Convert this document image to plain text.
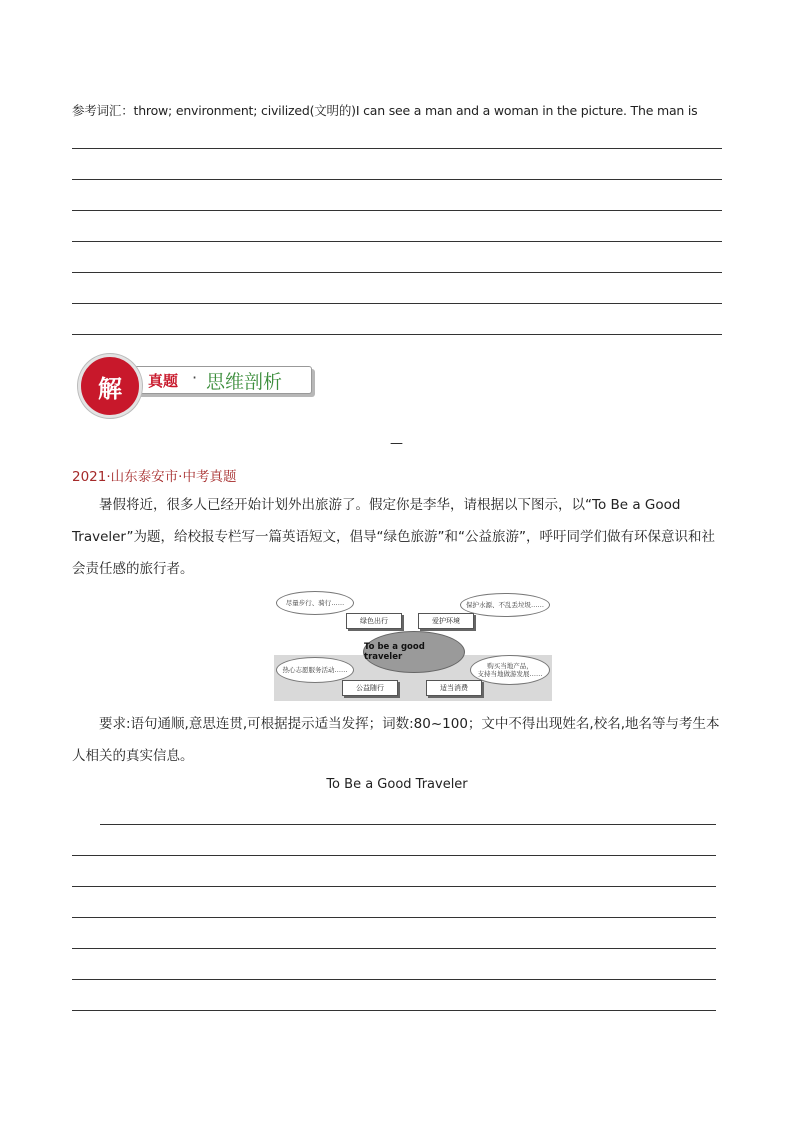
参考词汇：throw; environment; civilized(文明的)I can see a man and a woman in the picture. The man is
解	真题 · 思维剖析
—
2021·山东泰安市·中考真题
暑假将近，很多人已经开始计划外出旅游了。假定你是李华，请根据以下图示，以“To Be a Good Traveler”为题，给校报专栏写一篇英语短文，倡导“绿色旅游”和“公益旅游”，呼吁同学们做有环保意识和社会责任感的旅行者。
尽量步行、骑行……	保护水源、不乱丢垃圾……
热心志愿服务活动……	购买当地产品，
支持当地做游发展……
绿色出行	爱护环境
公益随行	适当消费
To be a good traveler
要求:语句通顺,意思连贯,可根据提示适当发挥；词数:80~100；文中不得出现姓名,校名,地名等与考生本人相关的真实信息。
To Be a Good Traveler
